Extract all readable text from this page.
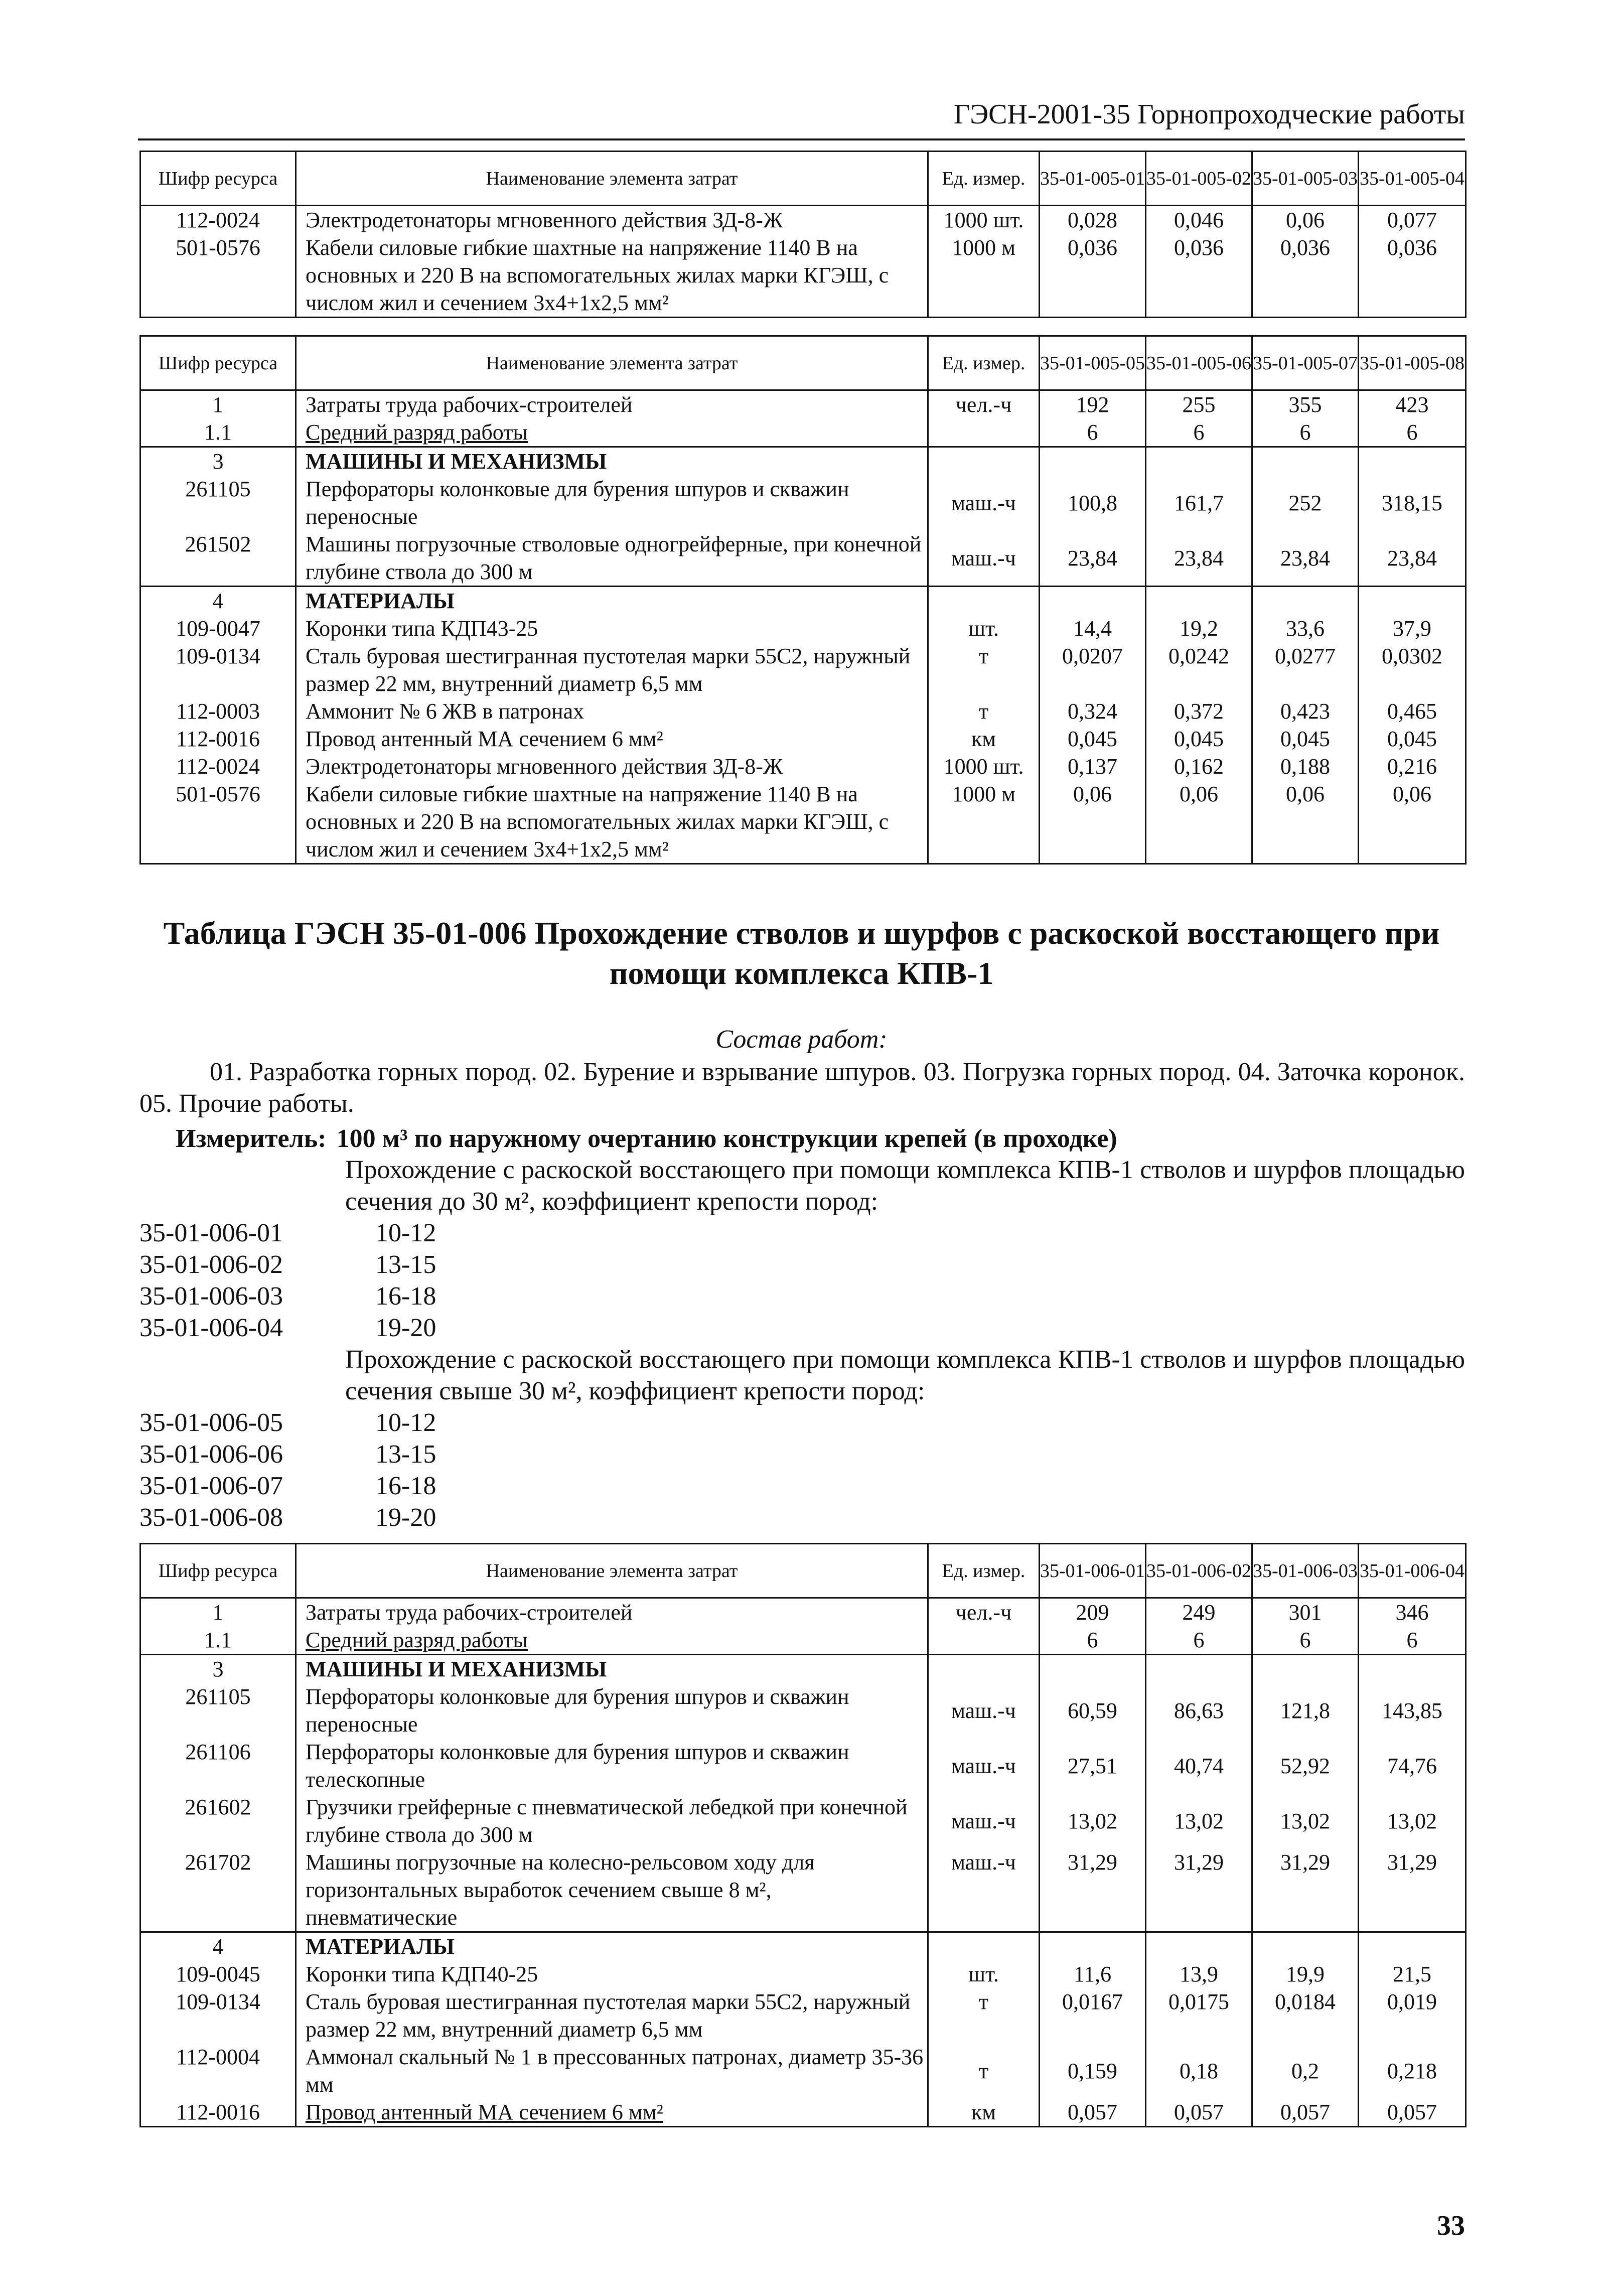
ГЭСН-2001-35 Горнопроходческие работы
Шифр ресурса	Наименование элемента затрат	Ед. измер.	35-01-005-01	35-01-005-02	35-01-005-03	35-01-005-04
112-0024	Электродетонаторы мгновенного действия ЗД-8-Ж	1000 шт.	0,028	0,046	0,06	0,077
501-0576	Кабели силовые гибкие шахтные на напряжение 1140 В на основных и 220 В на вспомогательных жилах марки КГЭШ, с числом жил и сечением 3х4+1х2,5 мм²	1000 м	0,036	0,036	0,036	0,036
Шифр ресурса	Наименование элемента затрат	Ед. измер.	35-01-005-05	35-01-005-06	35-01-005-07	35-01-005-08
1	Затраты труда рабочих-строителей	чел.-ч	192	255	355	423
1.1	Средний разряд работы		6	6	6	6
3	МАШИНЫ И МЕХАНИЗМЫ					
261105	Перфораторы колонковые для бурения шпуров и скважин переносные	маш.-ч	100,8	161,7	252	318,15
261502	Машины погрузочные стволовые одногрейферные, при конечной глубине ствола до 300 м	маш.-ч	23,84	23,84	23,84	23,84
4	МАТЕРИАЛЫ					
109-0047	Коронки типа КДП43-25	шт.	14,4	19,2	33,6	37,9
109-0134	Сталь буровая шестигранная пустотелая марки 55С2, наружный размер 22 мм, внутренний диаметр 6,5 мм	т	0,0207	0,0242	0,0277	0,0302
112-0003	Аммонит № 6 ЖВ в патронах	т	0,324	0,372	0,423	0,465
112-0016	Провод антенный МА сечением 6 мм²	км	0,045	0,045	0,045	0,045
112-0024	Электродетонаторы мгновенного действия ЗД-8-Ж	1000 шт.	0,137	0,162	0,188	0,216
501-0576	Кабели силовые гибкие шахтные на напряжение 1140 В на основных и 220 В на вспомогательных жилах марки КГЭШ, с числом жил и сечением 3х4+1х2,5 мм²	1000 м	0,06	0,06	0,06	0,06
Таблица ГЭСН 35-01-006 Прохождение стволов и шурфов с раскоской восстающего при помощи комплекса КПВ-1
Состав работ:
01. Разработка горных пород. 02. Бурение и взрывание шпуров. 03. Погрузка горных пород. 04. Заточка коронок. 05. Прочие работы.
Измеритель: 100 м³ по наружному очертанию конструкции крепей (в проходке)
Прохождение с раскоской восстающего при помощи комплекса КПВ-1 стволов и шурфов площадью сечения до 30 м², коэффициент крепости пород:
35-01-006-01	10-12
35-01-006-02	13-15
35-01-006-03	16-18
35-01-006-04	19-20
Прохождение с раскоской восстающего при помощи комплекса КПВ-1 стволов и шурфов площадью сечения свыше 30 м², коэффициент крепости пород:
35-01-006-05	10-12
35-01-006-06	13-15
35-01-006-07	16-18
35-01-006-08	19-20
Шифр ресурса	Наименование элемента затрат	Ед. измер.	35-01-006-01	35-01-006-02	35-01-006-03	35-01-006-04
1	Затраты труда рабочих-строителей	чел.-ч	209	249	301	346
1.1	Средний разряд работы		6	6	6	6
3	МАШИНЫ И МЕХАНИЗМЫ					
261105	Перфораторы колонковые для бурения шпуров и скважин переносные	маш.-ч	60,59	86,63	121,8	143,85
261106	Перфораторы колонковые для бурения шпуров и скважин телескопные	маш.-ч	27,51	40,74	52,92	74,76
261602	Грузчики грейферные с пневматической лебедкой при конечной глубине ствола до 300 м	маш.-ч	13,02	13,02	13,02	13,02
261702	Машины погрузочные на колесно-рельсовом ходу для горизонтальных выработок сечением свыше 8 м², пневматические	маш.-ч	31,29	31,29	31,29	31,29
4	МАТЕРИАЛЫ					
109-0045	Коронки типа КДП40-25	шт.	11,6	13,9	19,9	21,5
109-0134	Сталь буровая шестигранная пустотелая марки 55С2, наружный размер 22 мм, внутренний диаметр 6,5 мм	т	0,0167	0,0175	0,0184	0,019
112-0004	Аммонал скальный № 1 в прессованных патронах, диаметр 35-36 мм	т	0,159	0,18	0,2	0,218
112-0016	Провод антенный МА сечением 6 мм²	км	0,057	0,057	0,057	0,057
33
